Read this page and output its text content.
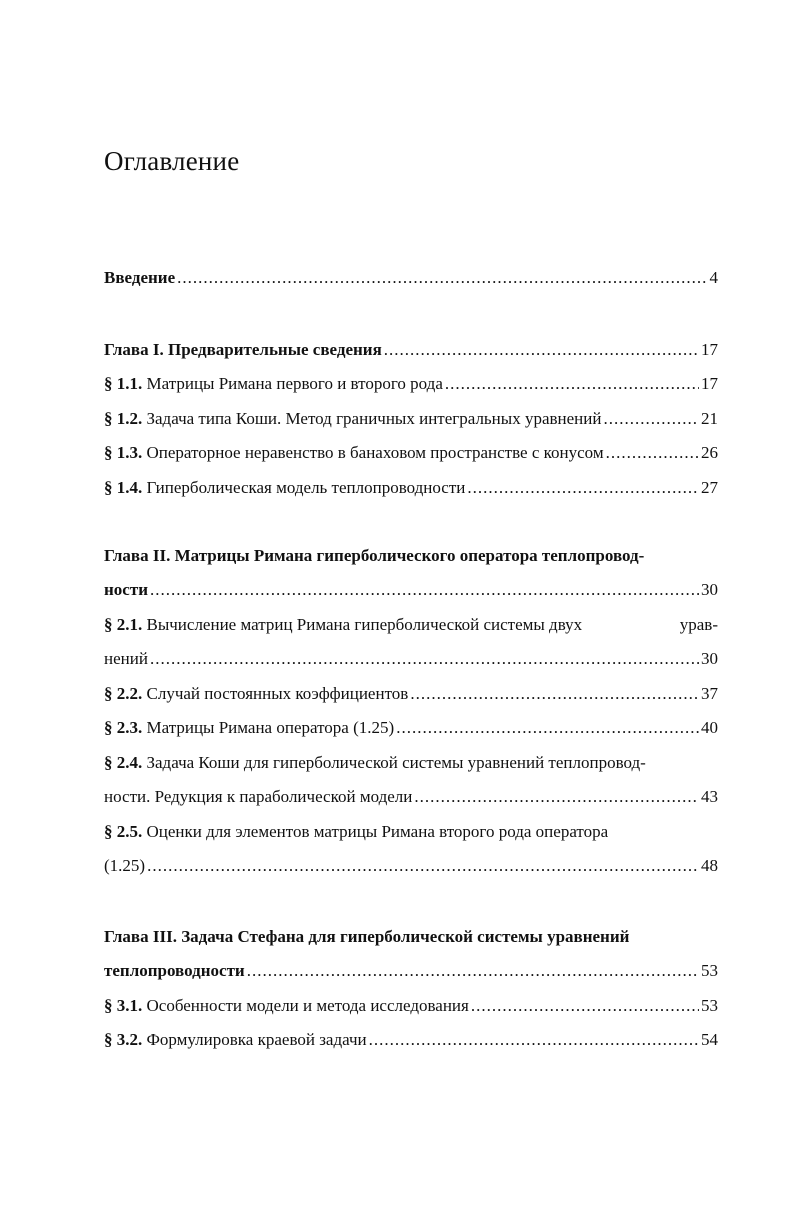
Оглавление
Введение .....	4
Глава I. Предварительные сведения .....	17
§ 1.1. Матрицы Римана первого и второго рода .....	17
§ 1.2. Задача типа Коши. Метод граничных интегральных уравнений .....	21
§ 1.3. Операторное неравенство в банаховом пространстве с конусом .....	26
§ 1.4. Гиперболическая модель теплопроводности .....	27
Глава II. Матрицы Римана гиперболического оператора теплопровод-
ности .....	30
§ 2.1. Вычисление матриц Римана гиперболической системы двух	урав-
нений .....	30
§ 2.2. Случай постоянных коэффициентов .....	37
§ 2.3. Матрицы Римана оператора (1.25) .....	40
§ 2.4. Задача Коши для гиперболической системы уравнений теплопровод-
ности. Редукция к параболической модели .....	43
§ 2.5. Оценки для элементов матрицы Римана второго рода оператора
(1.25) .....	48
Глава III. Задача Стефана для гиперболической системы уравнений
теплопроводности .....	53
§ 3.1. Особенности модели и метода исследования .....	53
§ 3.2. Формулировка краевой задачи .....	54
